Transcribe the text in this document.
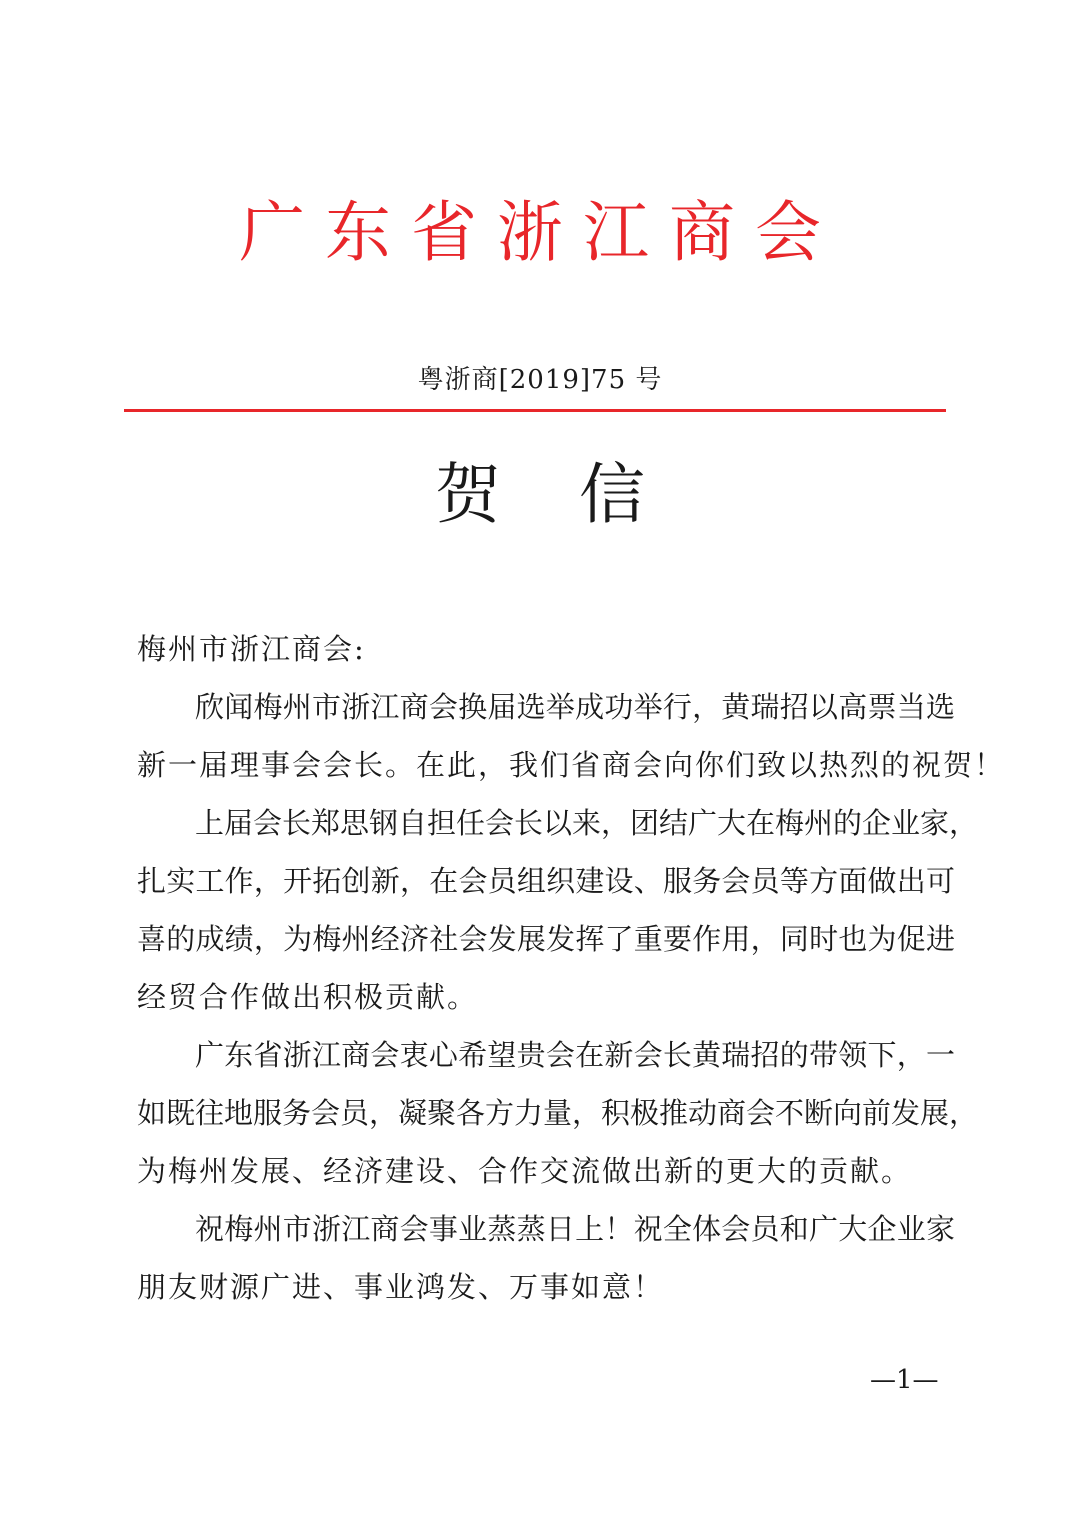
广东省浙江商会
粤浙商[2019]75 号
贺 信
梅州市浙江商会:
欣闻梅州市浙江商会换届选举成功举行，黄瑞招以高票当选
新一届理事会会长。在此，我们省商会向你们致以热烈的祝贺！
上届会长郑思钢自担任会长以来，团结广大在梅州的企业家，
扎实工作，开拓创新，在会员组织建设、服务会员等方面做出可
喜的成绩，为梅州经济社会发展发挥了重要作用，同时也为促进
经贸合作做出积极贡献。
广东省浙江商会衷心希望贵会在新会长黄瑞招的带领下，一
如既往地服务会员，凝聚各方力量，积极推动商会不断向前发展，
为梅州发展、经济建设、合作交流做出新的更大的贡献。
祝梅州市浙江商会事业蒸蒸日上！祝全体会员和广大企业家
朋友财源广进、事业鸿发、万事如意！
—1—
